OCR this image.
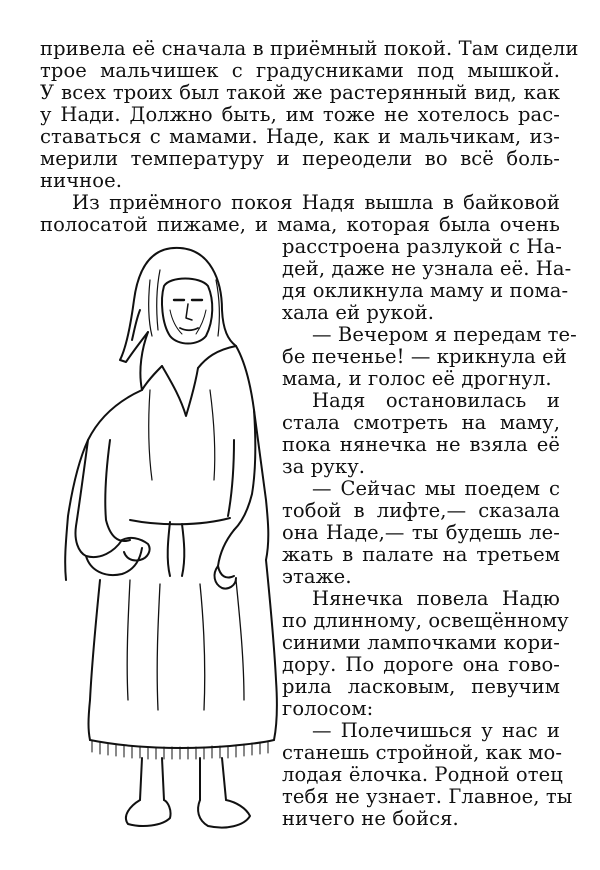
привела её сначала в приёмный покой. Там сидели
трое мальчишек с градусниками под мышкой.
У всех троих был такой же растерянный вид, как
у Нади. Должно быть, им тоже не хотелось рас-
ставаться с мамами. Наде, как и мальчикам, из-
мерили температуру и переодели во всё боль-
ничное.
Из приёмного покоя Надя вышла в байковой
полосатой пижаме, и мама, которая была очень
расстроена разлукой с На-
дей, даже не узнала её. На-
дя окликнула маму и пома-
хала ей рукой.
— Вечером я передам те-
бе печенье! — крикнула ей
мама, и голос её дрогнул.
Надя остановилась и
стала смотреть на маму,
пока нянечка не взяла её
за руку.
— Сейчас мы поедем с
тобой в лифте,— сказала
она Наде,— ты будешь ле-
жать в палате на третьем
этаже.
Нянечка повела Надю
по длинному, освещённому
синими лампочками кори-
дору. По дороге она гово-
рила ласковым, певучим
голосом:
— Полечишься у нас и
станешь стройной, как мо-
лодая ёлочка. Родной отец
тебя не узнает. Главное, ты
ничего не бойся.
